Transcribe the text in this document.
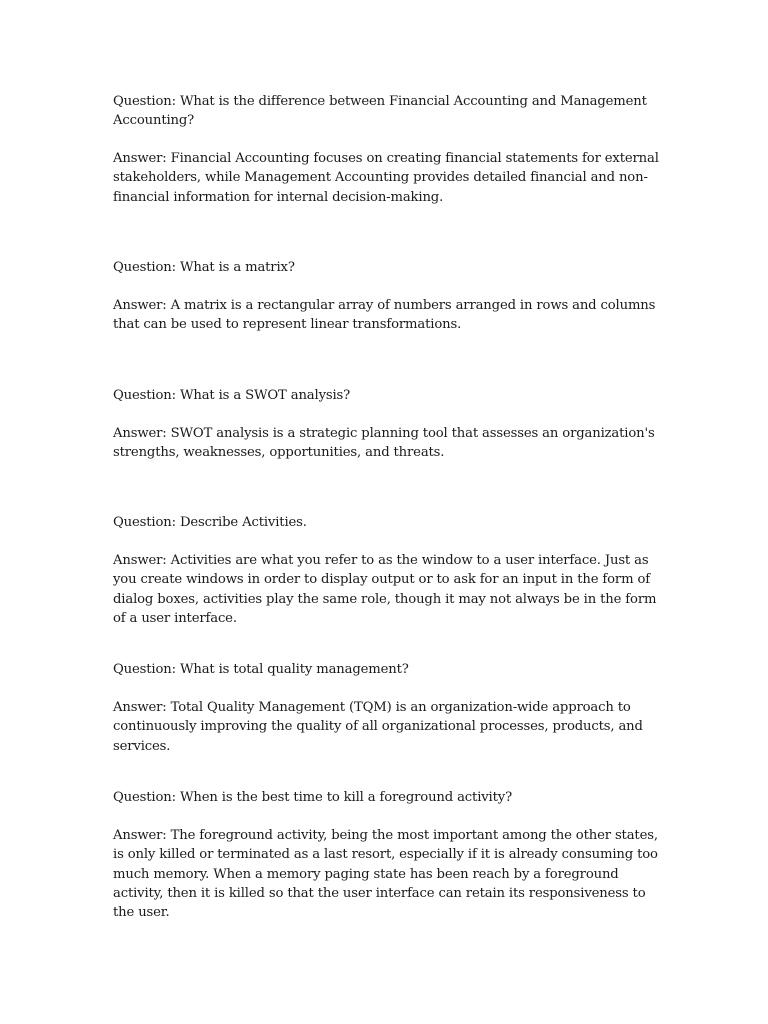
Question: What is the difference between Financial Accounting and Management Accounting?

Answer: Financial Accounting focuses on creating financial statements for external stakeholders, while Management Accounting provides detailed financial and non-financial information for internal decision-making.

Question: What is a matrix?

Answer: A matrix is a rectangular array of numbers arranged in rows and columns that can be used to represent linear transformations.

Question: What is a SWOT analysis?

Answer: SWOT analysis is a strategic planning tool that assesses an organization's strengths, weaknesses, opportunities, and threats.

Question: Describe Activities.

Answer: Activities are what you refer to as the window to a user interface. Just as you create windows in order to display output or to ask for an input in the form of dialog boxes, activities play the same role, though it may not always be in the form of a user interface.

Question: What is total quality management?

Answer: Total Quality Management (TQM) is an organization-wide approach to continuously improving the quality of all organizational processes, products, and services.

Question: When is the best time to kill a foreground activity?

Answer: The foreground activity, being the most important among the other states, is only killed or terminated as a last resort, especially if it is already consuming too much memory. When a memory paging state has been reach by a foreground activity, then it is killed so that the user interface can retain its responsiveness to the user.
